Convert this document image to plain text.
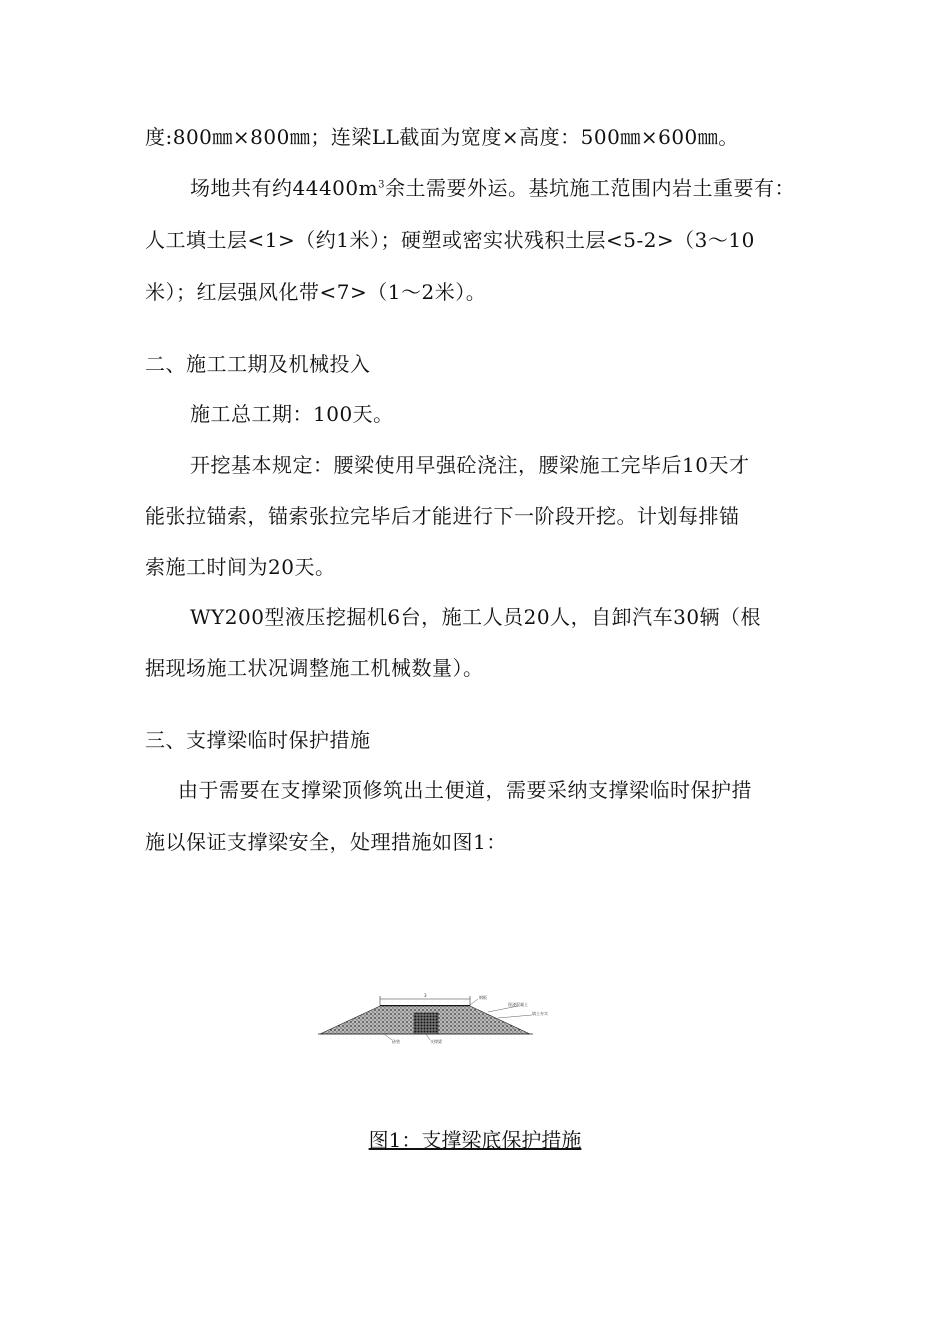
度:800㎜×800㎜；连梁LL截面为宽度×高度：500㎜×600㎜。
场地共有约$44400m^3$余土需要外运。基坑施工范围内岩土重要有：
人工填土层<1>（约1米）；硬塑或密实状残积土层<5-2>（3～10
米）；红层强风化带<7>（1～2米）。
二、施工工期及机械投入
施工总工期：100天。
开挖基本规定：腰梁使用早强砼浇注，腰梁施工完毕后10天才
能张拉锚索，锚索张拉完毕后才能进行下一阶段开挖。计划每排锚
索施工时间为20天。
WY200型液压挖掘机6台，施工人员20人，自卸汽车30辆（根
据现场施工状况调整施工机械数量）。
三、支撑梁临时保护措施
由于需要在支撑梁顶修筑出土便道，需要采纳支撑梁临时保护措
施以保证支撑梁安全，处理措施如图1：
3	钢板
现浇混凝土
填土夯实
砂垫	支撑梁
图1：支撑梁底保护措施
